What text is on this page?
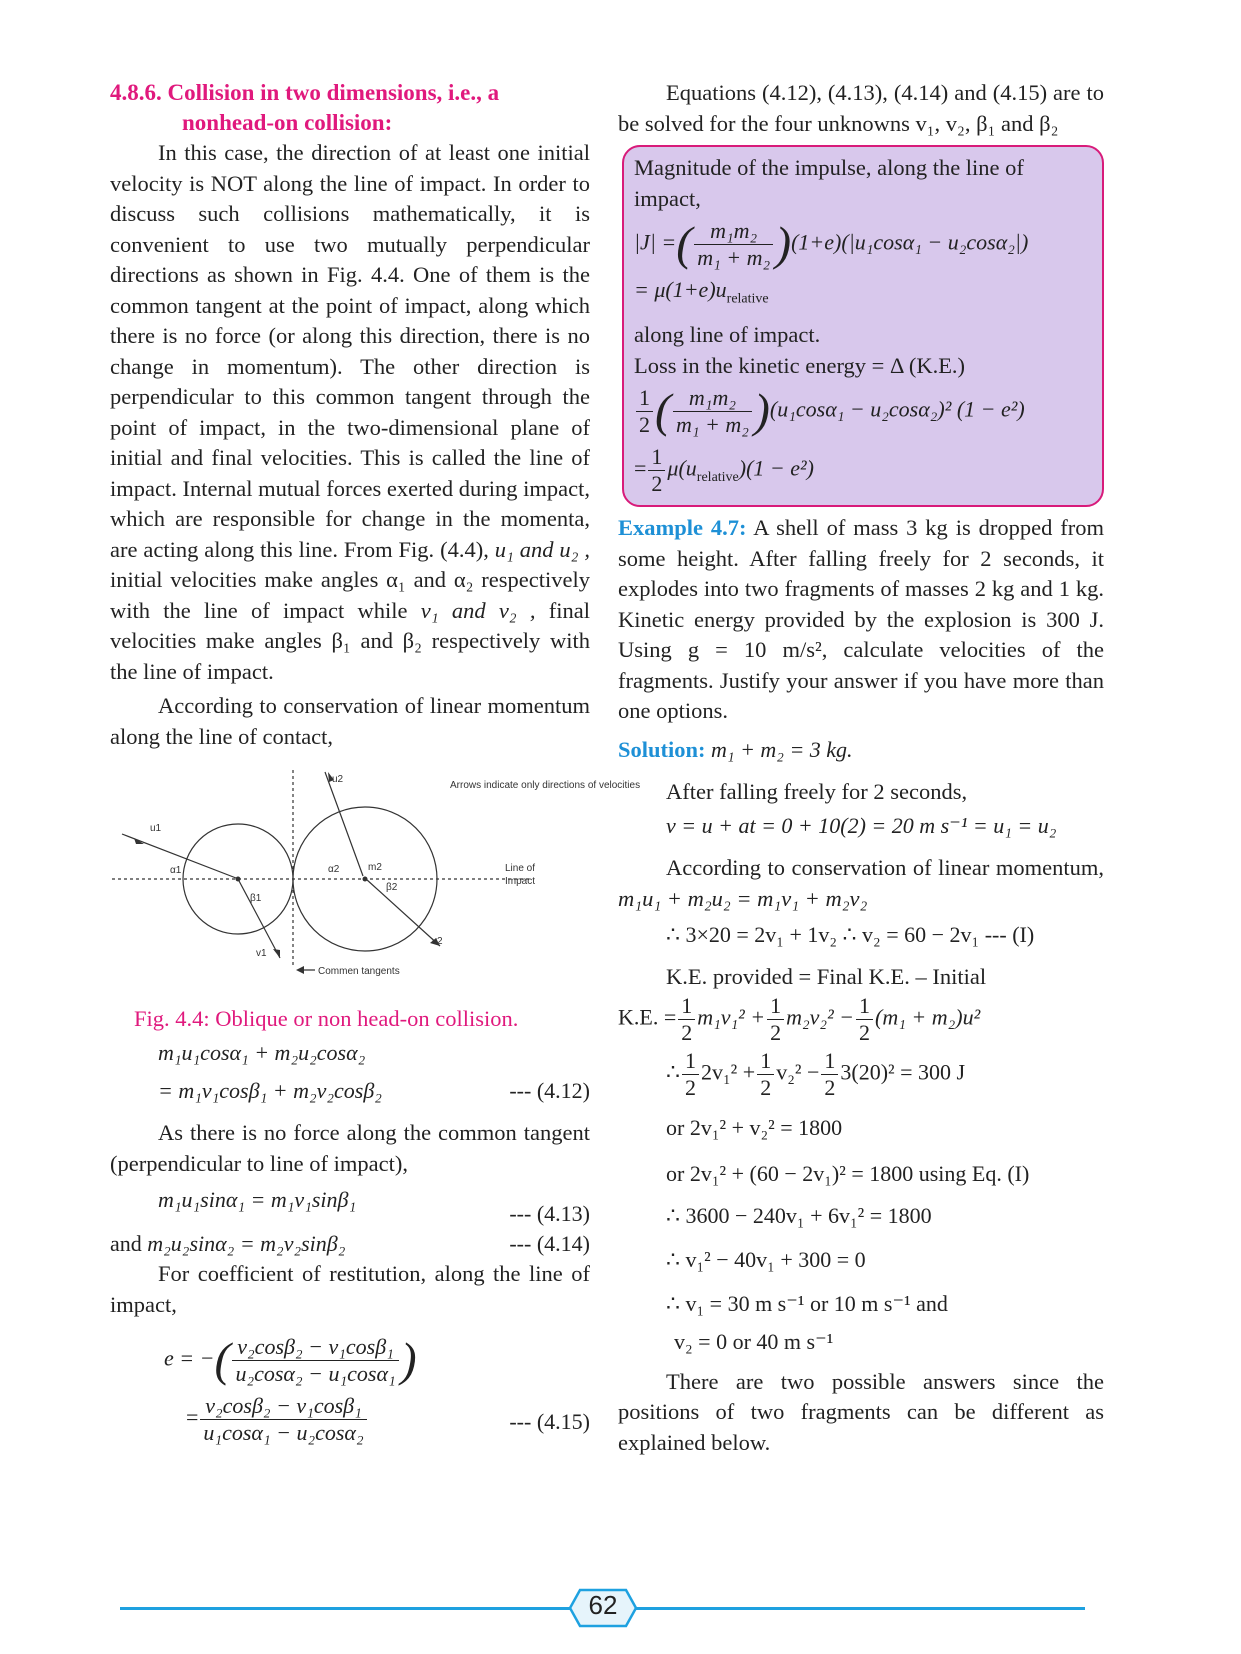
4.8.6. Collision in two dimensions, i.e., a
nonhead-on collision:

In this case, the direction of at least one initial velocity is NOT along the line of impact. In order to discuss such collisions mathematically, it is convenient to use two mutually perpendicular directions as shown in Fig. 4.4. One of them is the common tangent at the point of impact, along which there is no force (or along this direction, there is no change in momentum). The other direction is perpendicular to this common tangent through the point of impact, in the two-dimensional plane of initial and final velocities. This is called the line of impact. Internal mutual forces exerted during impact, which are responsible for change in the momenta, are acting along this line. From Fig. (4.4), u₁ and u₂ , initial velocities make angles α₁ and α₂ respectively with the line of impact while v₁ and v₂ , final velocities make angles β₁ and β₂ respectively with the line of impact.

According to conservation of linear momentum along the line of contact,

Arrows indicate only directions of velocities
u1
α1
β1
v1
u2
α2	m2
β2
v2
Line of
Impact
Commen tangents
Fig. 4.4: Oblique or non head-on collision.
m₁u₁cosα₁ + m₂u₂cosα₂
= m₁v₁cosβ₁ + m₂v₂cosβ₂	--- (4.12)

As there is no force along the common tangent (perpendicular to line of impact),

m₁u₁sinα₁ = m₁v₁sinβ₁
--- (4.13)
and m₂u₂sinα₂ = m₂v₂sinβ₂	--- (4.14)

For coefficient of restitution, along the line of impact,

e = −( $\frac{\text{v₂cosβ₂ − v₁cosβ₁}}{\text{u₂cosα₂ − u₁cosα₁}}$ )
= $\frac{\text{v₂cosβ₂ − v₁cosβ₁}}{\text{u₁cosα₁ − u₂cosα₂}}$	--- (4.15)

Equations (4.12), (4.13), (4.14) and (4.15) are to be solved for the four unknowns v₁, v₂, β₁ and β₂

Magnitude of the impulse, along the line of impact,
|J| =( $\frac{\text{m₁m₂}}{\text{m₁ + m₂}} )(1+e)(|u_1\cos\alpha_1 - u_2\cos\alpha_2|)$
= $\mu(1+e)u_{relative}$
along line of impact.
Loss in the kinetic energy = Δ (K.E.)
$\frac{1}{2}$ ( $\frac{\text{m₁m₂}}{\text{m₁ + m₂}} )(u_1\cos\alpha_1 - u_2\cos\alpha_2)^2$ (1 − e²)
= $\frac{1}{2} \mu(u_{relative})(1 - e^2)$

Example 4.7: A shell of mass 3 kg is dropped from some height. After falling freely for 2 seconds, it explodes into two fragments of masses 2 kg and 1 kg. Kinetic energy provided by the explosion is 300 J. Using g = 10 m/s², calculate velocities of the fragments. Justify your answer if you have more than one options.

Solution: m₁ + m₂ = 3 kg.

After falling freely for 2 seconds,

v = u + at = 0 + 10(2) = 20 m s⁻¹ = u₁ = u₂

According to conservation of linear momentum, m₁u₁ + m₂u₂ = m₁v₁ + m₂v₂

∴ 3×20 = 2v₁ + 1v₂ ∴ v₂ = 60 − 2v₁ --- (I)

K.E. provided = Final K.E. – Initial

K.E. = $\frac{1}{2} m_1v_1^2 + \frac{1}{2} m_2v_2^2 - \frac{1}{2} (m_1 + m_2)u^2$
∴ $\frac{1}{2} 2v_1^2 + \frac{1}{2} v_2^2 - \frac{1}{2} 3(20)^2 = 300$ J
or 2v₁² + v₂² = 1800
or 2v₁² + (60 − 2v₁)² = 1800 using Eq. (I)
∴ 3600 − 240v₁ + 6v₁² = 1800
∴ v₁² − 40v₁ + 300 = 0
∴ v₁ = 30 m s⁻¹ or 10 m s⁻¹ and
v₂ = 0 or 40 m s⁻¹

There are two possible answers since the positions of two fragments can be different as explained below.

62
